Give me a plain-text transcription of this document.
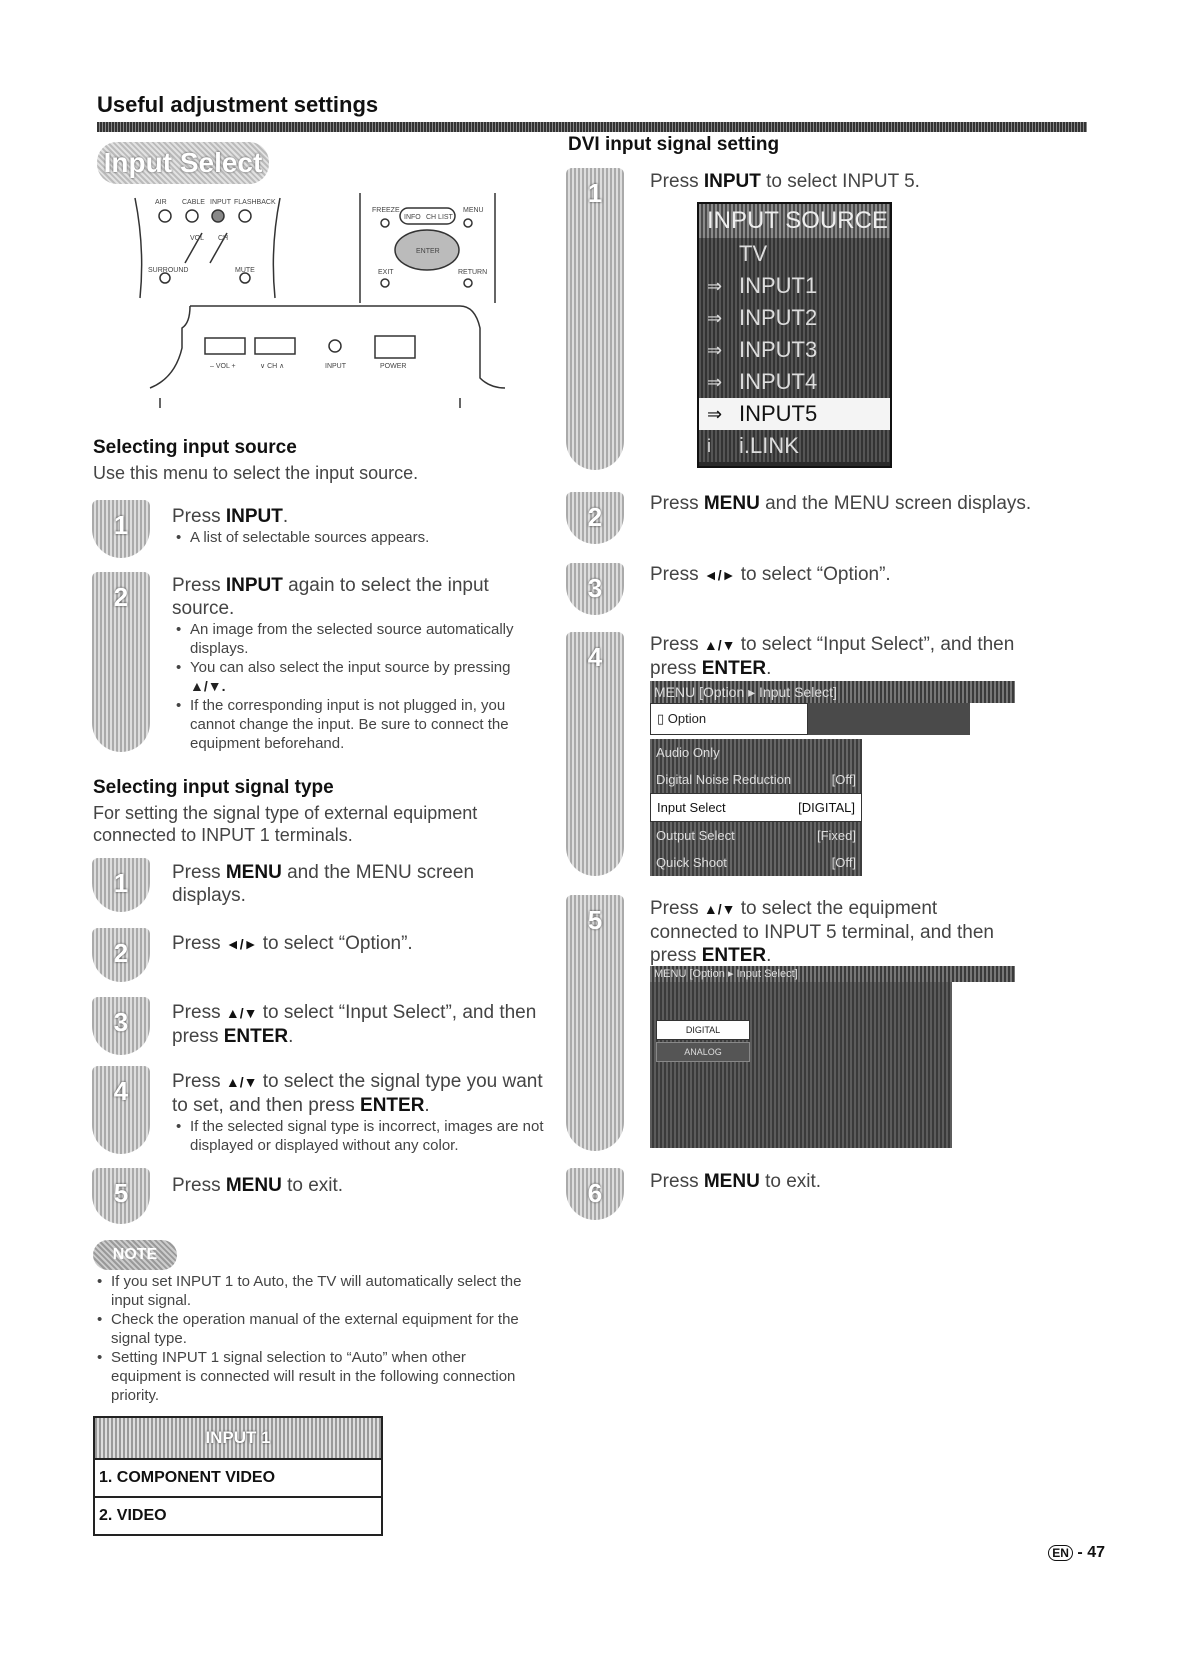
Useful adjustment settings
Input Select
AIR CABLE INPUT FLASHBACK
VOL CH
SURROUND	MUTE
FREEZE
INFO CH LIST
MENU
ENTER
EXIT	RETURN
– VOL +	∨ CH ∧	INPUT	POWER
Selecting input source
Use this menu to select the input source.
1	Press INPUT.
• A list of selectable sources appears.
2	Press INPUT again to select the input source.
• An image from the selected source automatically displays.
• You can also select the input source by pressing
▲/▼.
• If the corresponding input is not plugged in, you cannot change the input. Be sure to connect the equipment beforehand.
Selecting input signal type
For setting the signal type of external equipment connected to INPUT 1 terminals.
1	Press MENU and the MENU screen displays.
2	Press ◄/► to select “Option”.
3	Press ▲/▼ to select “Input Select”, and then press ENTER.
4	Press ▲/▼ to select the signal type you want to set, and then press ENTER.
• If the selected signal type is incorrect, images are not displayed or displayed without any color.
5	Press MENU to exit.
NOTE
• If you set INPUT 1 to Auto, the TV will automatically select the input signal.
• Check the operation manual of the external equipment for the signal type.
• Setting INPUT 1 signal selection to “Auto” when other equipment is connected will result in the following connection priority.
INPUT 1
1. COMPONENT VIDEO
2. VIDEO
DVI input signal setting
1	Press INPUT to select INPUT 5.
INPUT SOURCE
TV
⇒ INPUT1
⇒ INPUT2
⇒ INPUT3
⇒ INPUT4
⇒ INPUT5
i i.LINK
2	Press MENU and the MENU screen displays.
3	Press ◄/► to select “Option”.
4	Press ▲/▼ to select “Input Select”, and then press ENTER.
MENU [Option ▸ Input Select]
▯ Option
Audio Only
Digital Noise Reduction	[Off]
Input Select	[DIGITAL]
Output Select	[Fixed]
Quick Shoot	[Off]
5	Press ▲/▼ to select the equipment connected to INPUT 5 terminal, and then press ENTER.
MENU [Option ▸ Input Select]
DIGITAL
ANALOG
6	Press MENU to exit.
EN - 47
